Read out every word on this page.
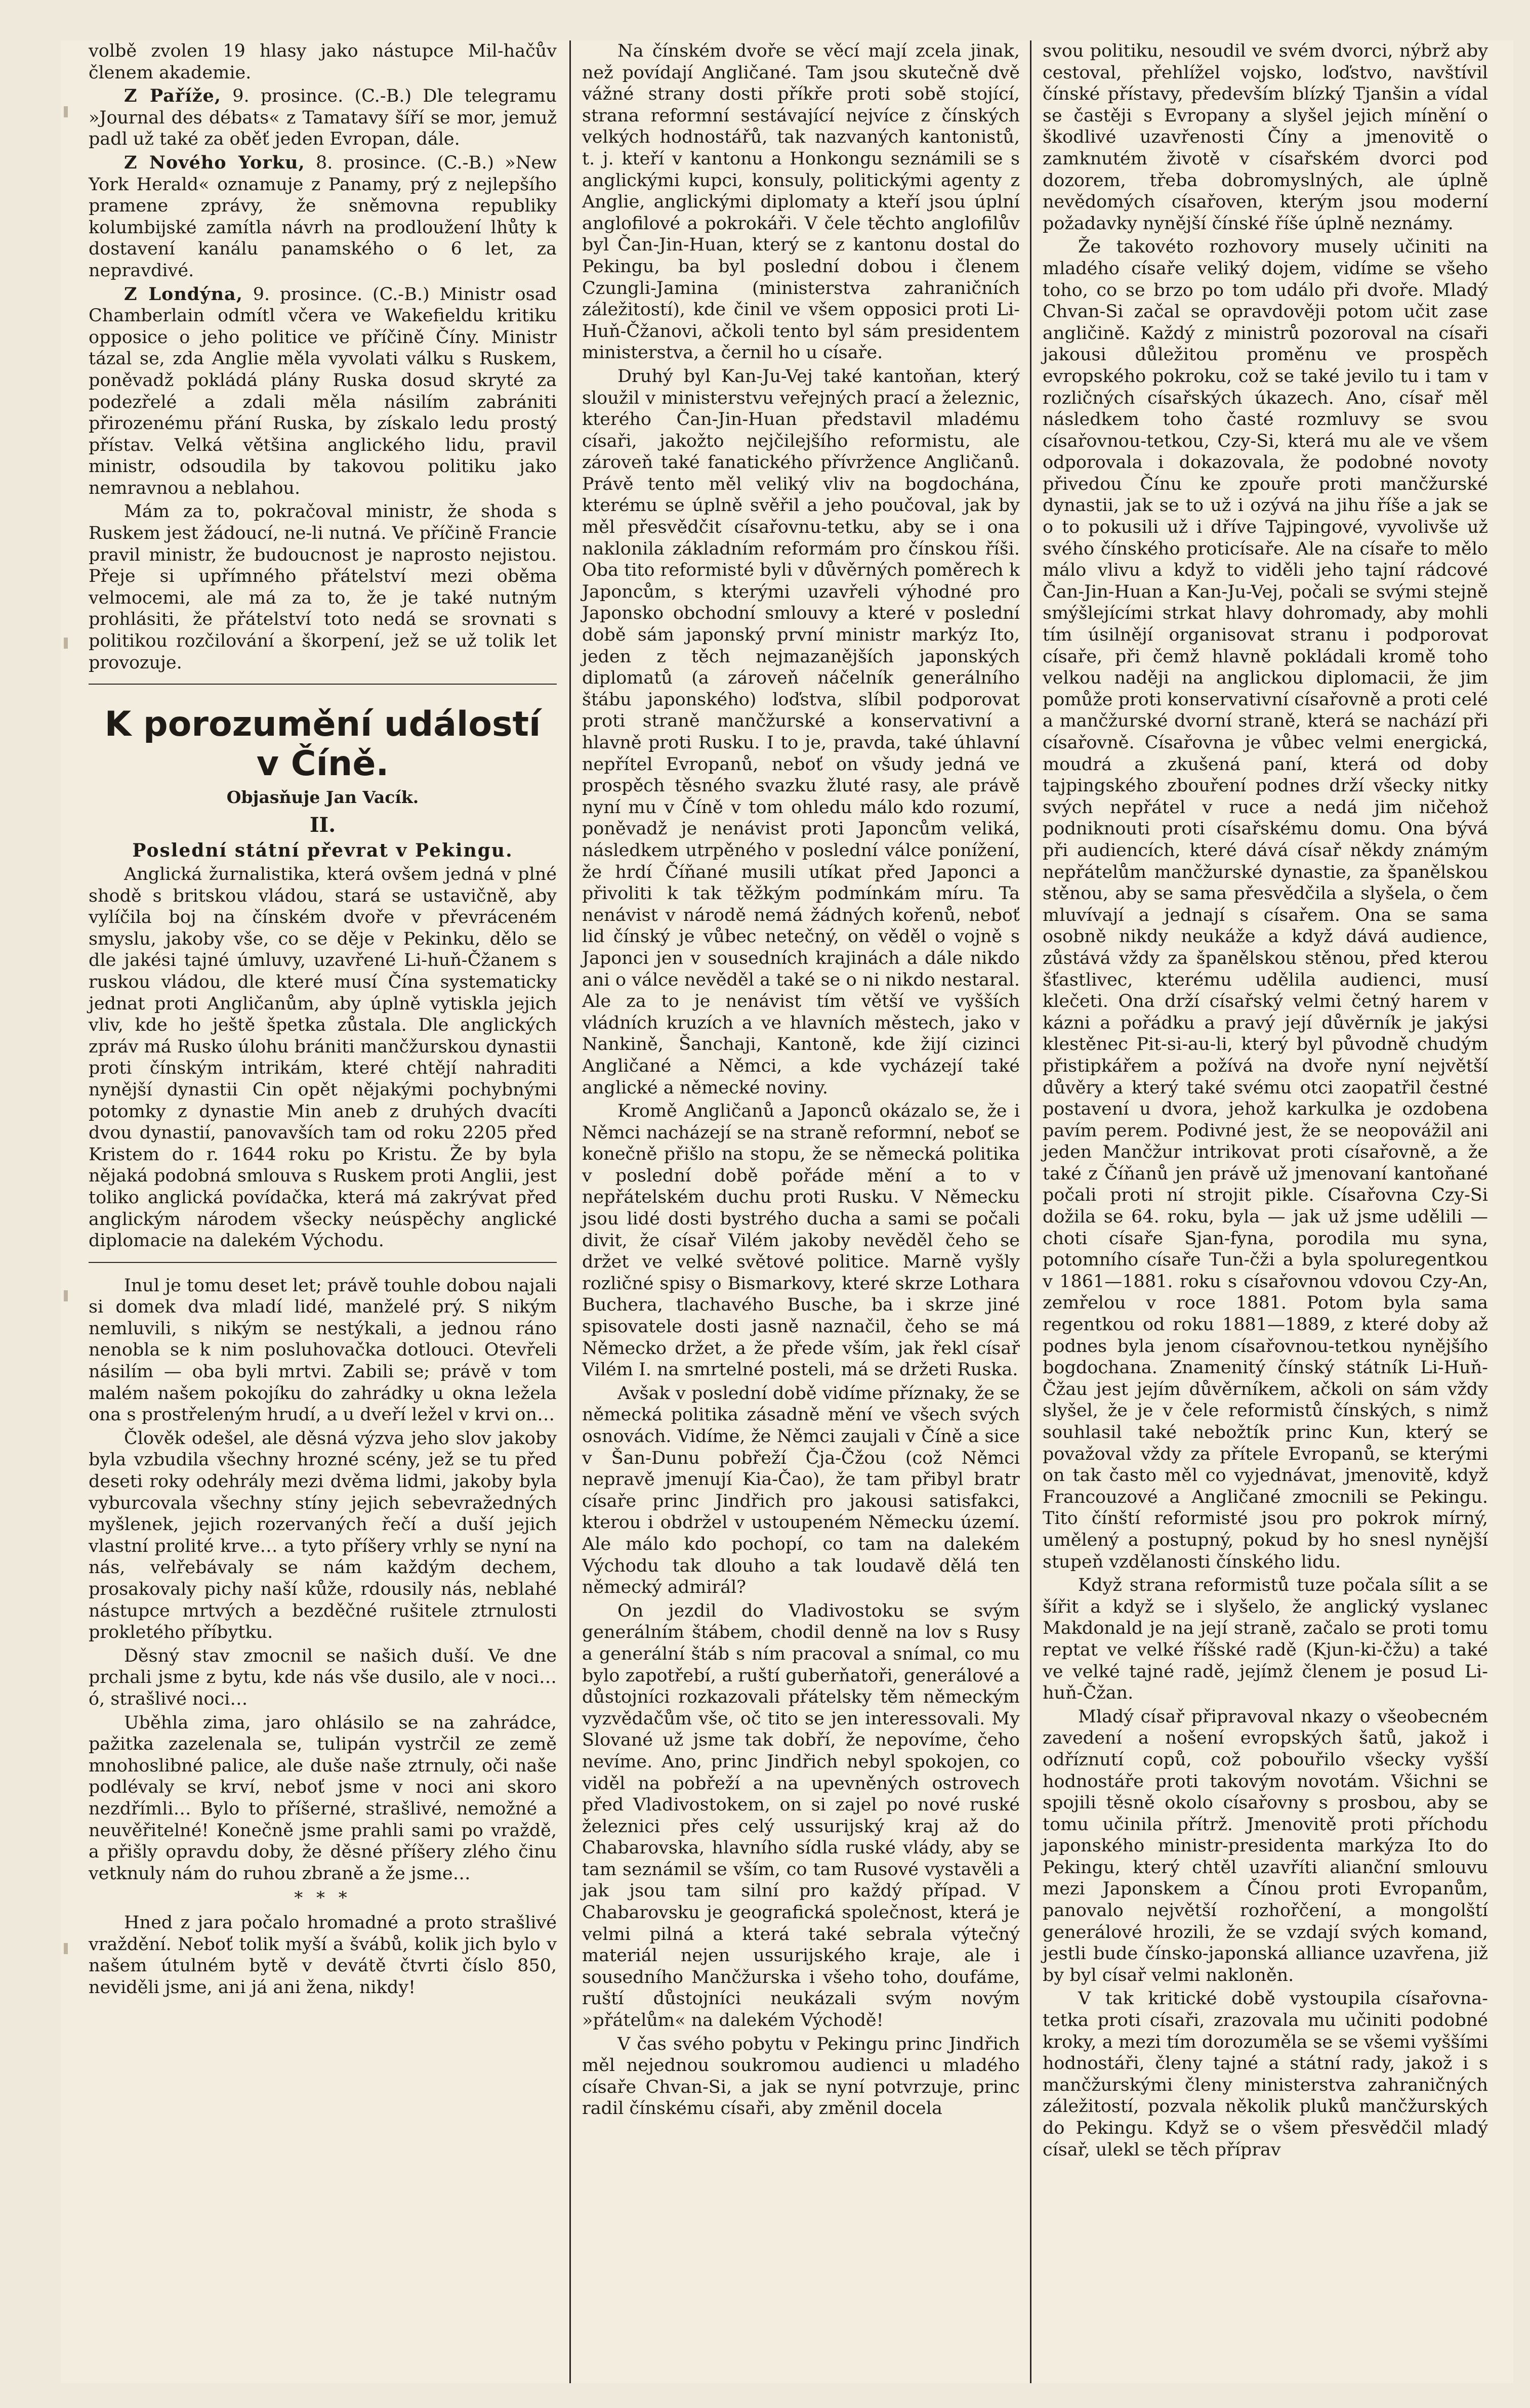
volbě zvolen 19 hlasy jako nástupce Mil-hačův členem akademie.

Z Paříže, 9. prosince. (C.-B.) Dle telegramu »Journal des débats« z Tamatavy šíří se mor, jemuž padl už také za oběť jeden Evropan, dále.

Z Nového Yorku, 8. prosince. (C.-B.) »New York Herald« oznamuje z Panamy, prý z nejlepšího pramene zprávy, že sněmovna republiky kolumbijské zamítla návrh na prodloužení lhůty k dostavení kanálu panamského o 6 let, za nepravdivé.

Z Londýna, 9. prosince. (C.-B.) Ministr osad Chamberlain odmítl včera ve Wakefieldu kritiku opposice o jeho politice ve příčině Číny. Ministr tázal se, zda Anglie měla vyvolati válku s Ruskem, poněvadž pokládá plány Ruska dosud skryté za podezřelé a zdali měla násilím zabrániti přirozenému přání Ruska, by získalo ledu prostý přístav. Velká většina anglického lidu, pravil ministr, odsoudila by takovou politiku jako nemravnou a neblahou.

Mám za to, pokračoval ministr, že shoda s Ruskem jest žádoucí, ne-li nutná. Ve příčině Francie pravil ministr, že budoucnost je naprosto nejistou. Přeje si upřímného přátelství mezi oběma velmocemi, ale má za to, že je také nutným prohlásiti, že přátelství toto nedá se srovnati s politikou rozčilování a škorpení, jež se už tolik let provozuje.

K porozumění událostí v Číně.
Objasňuje Jan Vacík.
II.

Poslední státní převrat v Pekingu.

Anglická žurnalistika, která ovšem jedná v plné shodě s britskou vládou, stará se ustavičně, aby vylíčila boj na čínském dvoře v převráceném smyslu, jakoby vše, co se děje v Pekinku, dělo se dle jakési tajné úmluvy, uzavřené Li-huň-Čžanem s ruskou vládou, dle které musí Čína systematicky jednat proti Angličanům, aby úplně vytiskla jejich vliv, kde ho ještě špetka zůstala. Dle anglických zpráv má Rusko úlohu brániti mančžurskou dynastii proti čínským intrikám, které chtějí nahraditi nynější dynastii Cin opět nějakými pochybnými potomky z dynastie Min aneb z druhých dvacíti dvou dynastií, panovavších tam od roku 2205 před Kristem do r. 1644 roku po Kristu. Že by byla nějaká podobná smlouva s Ruskem proti Anglii, jest toliko anglická povídačka, která má zakrývat před anglickým národem všecky neúspěchy anglické diplomacie na dalekém Východu.

Inul je tomu deset let; právě touhle dobou najali si domek dva mladí lidé, manželé prý. S nikým nemluvili, s nikým se nestýkali, a jednou ráno nenobla se k nim posluhovačka dotlouci. Otevřeli násilím — oba byli mrtvi. Zabili se; právě v tom malém našem pokojíku do zahrádky u okna ležela ona s prostřeleným hrudí, a u dveří ležel v krvi on…

Člověk odešel, ale děsná výzva jeho slov jakoby byla vzbudila všechny hrozné scény, jež se tu před deseti roky odehrály mezi dvěma lidmi, jakoby byla vyburcovala všechny stíny jejich sebevražedných myšlenek, jejich rozervaných řečí a duší jejich vlastní prolité krve… a tyto příšery vrhly se nyní na nás, velřebávaly se nám každým dechem, prosakovaly pichy naší kůže, rdousily nás, neblahé nástupce mrtvých a bezděčné rušitele ztrnulosti prokletého příbytku.

Děsný stav zmocnil se našich duší. Ve dne prchali jsme z bytu, kde nás vše dusilo, ale v noci… ó, strašlivé noci…

Uběhla zima, jaro ohlásilo se na zahrádce, pažitka zazelenala se, tulipán vystrčil ze země mnohoslibné palice, ale duše naše ztrnuly, oči naše podlévaly se krví, neboť jsme v noci ani skoro nezdřímli… Bylo to příšerné, strašlivé, nemožné a neuvěřitelné! Konečně jsme prahli sami po vraždě, a přišly opravdu doby, že děsné příšery zlého činu vetknuly nám do ruhou zbraně a že jsme…

* * *

Hned z jara počalo hromadné a proto strašlivé vraždění. Neboť tolik myší a švábů, kolik jich bylo v našem útulném bytě v devátě čtvrti číslo 850, neviděli jsme, ani já ani žena, nikdy!

Na čínském dvoře se věcí mají zcela jinak, než povídají Angličané. Tam jsou skutečně dvě vážné strany dosti příkře proti sobě stojící, strana reformní sestávající nejvíce z čínských velkých hodnostářů, tak nazvaných kantonistů, t. j. kteří v kantonu a Honkongu seznámili se s anglickými kupci, konsuly, politickými agenty z Anglie, anglickými diplomaty a kteří jsou úplní anglofilové a pokrokáři. V čele těchto anglofilův byl Čan-Jin-Huan, který se z kantonu dostal do Pekingu, ba byl poslední dobou i členem Czungli-Jamina (ministerstva zahraničních záležitostí), kde činil ve všem opposici proti Li-Huň-Čžanovi, ačkoli tento byl sám presidentem ministerstva, a černil ho u císaře.

Druhý byl Kan-Ju-Vej také kantoňan, který sloužil v ministerstvu veřejných prací a železnic, kterého Čan-Jin-Huan představil mladému císaři, jakožto nejčilejšího reformistu, ale zároveň také fanatického přívržence Angličanů. Právě tento měl veliký vliv na bogdochána, kterému se úplně svěřil a jeho poučoval, jak by měl přesvědčit císařovnu-tetku, aby se i ona naklonila základním reformám pro čínskou říši. Oba tito reformisté byli v důvěrných poměrech k Japoncům, s kterými uzavřeli výhodné pro Japonsko obchodní smlouvy a které v poslední době sám japonský první ministr markýz Ito, jeden z těch nejmazanějších japonských diplomatů (a zároveň náčelník generálního štábu japonského) loďstva, slíbil podporovat proti straně mančžurské a konservativní a hlavně proti Rusku. I to je, pravda, také úhlavní nepřítel Evropanů, neboť on všudy jedná ve prospěch těsného svazku žluté rasy, ale právě nyní mu v Číně v tom ohledu málo kdo rozumí, poněvadž je nenávist proti Japoncům veliká, následkem utrpěného v poslední válce ponížení, že hrdí Číňané musili utíkat před Japonci a přivoliti k tak těžkým podmínkám míru. Ta nenávist v národě nemá žádných kořenů, neboť lid čínský je vůbec netečný, on věděl o vojně s Japonci jen v sousedních krajinách a dále nikdo ani o válce nevěděl a také se o ni nikdo nestaral. Ale za to je nenávist tím větší ve vyšších vládních kruzích a ve hlavních městech, jako v Nankině, Šanchaji, Kantoně, kde žijí cizinci Angličané a Němci, a kde vycházejí také anglické a německé noviny.

Kromě Angličanů a Japonců okázalo se, že i Němci nacházejí se na straně reformní, neboť se konečně přišlo na stopu, že se německá politika v poslední době pořáde mění a to v nepřátelském duchu proti Rusku. V Německu jsou lidé dosti bystrého ducha a sami se počali divit, že císař Vilém jakoby nevěděl čeho se držet ve velké světové politice. Marně vyšly rozličné spisy o Bismarkovy, které skrze Lothara Buchera, tlachavého Busche, ba i skrze jiné spisovatele dosti jasně naznačil, čeho se má Německo držet, a že přede vším, jak řekl císař Vilém I. na smrtelné posteli, má se držeti Ruska.

Avšak v poslední době vidíme příznaky, že se německá politika zásadně mění ve všech svých osnovách. Vidíme, že Němci zaujali v Číně a sice v Šan-Dunu pobřeží Čja-Čžou (což Němci nepravě jmenují Kia-Čao), že tam přibyl bratr císaře princ Jindřich pro jakousi satisfakci, kterou i obdržel v ustoupeném Německu území. Ale málo kdo pochopí, co tam na dalekém Východu tak dlouho a tak loudavě dělá ten německý admirál?

On jezdil do Vladivostoku se svým generálním štábem, chodil denně na lov s Rusy a generální štáb s ním pracoval a snímal, co mu bylo zapotřebí, a ruští guberňatoři, generálové a důstojníci rozkazovali přátelsky těm německým vyzvědačům vše, oč tito se jen interessovali. My Slované už jsme tak dobří, že nepovíme, čeho nevíme. Ano, princ Jindřich nebyl spokojen, co viděl na pobřeží a na upevněných ostrovech před Vladivostokem, on si zajel po nové ruské železnici přes celý ussurijský kraj až do Chabarovska, hlavního sídla ruské vlády, aby se tam seznámil se vším, co tam Rusové vystavěli a jak jsou tam silní pro každý případ. V Chabarovsku je geografická společnost, která je velmi pilná a která také sebrala výtečný materiál nejen ussurijského kraje, ale i sousedního Mančžurska i všeho toho, doufáme, ruští důstojníci neukázali svým novým »přátelům« na dalekém Východě!

V čas svého pobytu v Pekingu princ Jindřich měl nejednou soukromou audienci u mladého císaře Chvan-Si, a jak se nyní potvrzuje, princ radil čínskému císaři, aby změnil docela

svou politiku, nesoudil ve svém dvorci, nýbrž aby cestoval, přehlížel vojsko, loďstvo, navštívil čínské přístavy, především blízký Tjanšin a vídal se častěji s Evropany a slyšel jejich mínění o škodlivé uzavřenosti Číny a jmenovitě o zamknutém životě v císařském dvorci pod dozorem, třeba dobromyslných, ale úplně nevědomých císařoven, kterým jsou moderní požadavky nynější čínské říše úplně neznámy.

Že takovéto rozhovory musely učiniti na mladého císaře veliký dojem, vidíme se všeho toho, co se brzo po tom událo při dvoře. Mladý Chvan-Si začal se opravdověji potom učit zase angličině. Každý z ministrů pozoroval na císaři jakousi důležitou proměnu ve prospěch evropského pokroku, což se také jevilo tu i tam v rozličných císařských úkazech. Ano, císař měl následkem toho časté rozmluvy se svou císařovnou-tetkou, Czy-Si, která mu ale ve všem odporovala i dokazovala, že podobné novoty přivedou Čínu ke zpouře proti mančžurské dynastii, jak se to už i ozývá na jihu říše a jak se o to pokusili už i dříve Tajpingové, vyvolivše už svého čínského proticísaře. Ale na císaře to mělo málo vlivu a když to viděli jeho tajní rádcové Čan-Jin-Huan a Kan-Ju-Vej, počali se svými stejně smýšlejícími strkat hlavy dohromady, aby mohli tím úsilnějí organisovat stranu i podporovat císaře, při čemž hlavně pokládali kromě toho velkou naději na anglickou diplomacii, že jim pomůže proti konservativní císařovně a proti celé a mančžurské dvorní straně, která se nachází při císařovně. Císařovna je vůbec velmi energická, moudrá a zkušená paní, která od doby tajpingského zbouření podnes drží všecky nitky svých nepřátel v ruce a nedá jim ničehož podniknouti proti císařskému domu. Ona bývá při audiencích, které dává císař někdy známým nepřátelům mančžurské dynastie, za španělskou stěnou, aby se sama přesvědčila a slyšela, o čem mluvívají a jednají s císařem. Ona se sama osobně nikdy neukáže a když dává audience, zůstává vždy za španělskou stěnou, před kterou šťastlivec, kterému udělila audienci, musí klečeti. Ona drží císařský velmi četný harem v kázni a pořádku a pravý její důvěrník je jakýsi klestěnec Pit-si-au-li, který byl původně chudým přistipkářem a požívá na dvoře nyní největší důvěry a který také svému otci zaopatřil čestné postavení u dvora, jehož karkulka je ozdobena pavím perem. Podivné jest, že se neopovážil ani jeden Mančžur intrikovat proti císařovně, a že také z Číňanů jen právě už jmenovaní kantoňané počali proti ní strojit pikle. Císařovna Czy-Si dožila se 64. roku, byla — jak už jsme udělili — choti císaře Sjan-fyna, porodila mu syna, potomního císaře Tun-čži a byla spoluregentkou v 1861—1881. roku s císařovnou vdovou Czy-An, zemřelou v roce 1881. Potom byla sama regentkou od roku 1881—1889, z které doby až podnes byla jenom císařovnou-tetkou nynějšího bogdochana. Znamenitý čínský státník Li-Huň-Čžau jest jejím důvěrníkem, ačkoli on sám vždy slyšel, že je v čele reformistů čínských, s nimž souhlasil také nebožtík princ Kun, který se považoval vždy za přítele Evropanů, se kterými on tak často měl co vyjednávat, jmenovitě, když Francouzové a Angličané zmocnili se Pekingu. Tito čínští reformisté jsou pro pokrok mírný, umělený a postupný, pokud by ho snesl nynější stupeň vzdělanosti čínského lidu.

Když strana reformistů tuze počala sílit a se šířit a když se i slyšelo, že anglický vyslanec Makdonald je na její straně, začalo se proti tomu reptat ve velké říšské radě (Kjun-ki-čžu) a také ve velké tajné radě, jejímž členem je posud Li-huň-Čžan.

Mladý císař připravoval nkazy o všeobecném zavedení a nošení evropských šatů, jakož i odříznutí copů, což pobouřilo všecky vyšší hodnostáře proti takovým novotám. Všichni se spojili těsně okolo císařovny s prosbou, aby se tomu učinila přítrž. Jmenovitě proti příchodu japonského ministr-presidenta markýza Ito do Pekingu, který chtěl uzavříti alianční smlouvu mezi Japonskem a Čínou proti Evropanům, panovalo největší rozhořčení, a mongolští generálové hrozili, že se vzdají svých komand, jestli bude čínsko-japonská alliance uzavřena, již by byl císař velmi nakloněn.

V tak kritické době vystoupila císařovna-tetka proti císaři, zrazovala mu učiniti podobné kroky, a mezi tím dorozuměla se se všemi vyššími hodnostáři, členy tajné a státní rady, jakož i s mančžurskými členy ministerstva zahraničných záležitostí, pozvala několik pluků mančžurských do Pekingu. Když se o všem přesvědčil mladý císař, ulekl se těch příprav
